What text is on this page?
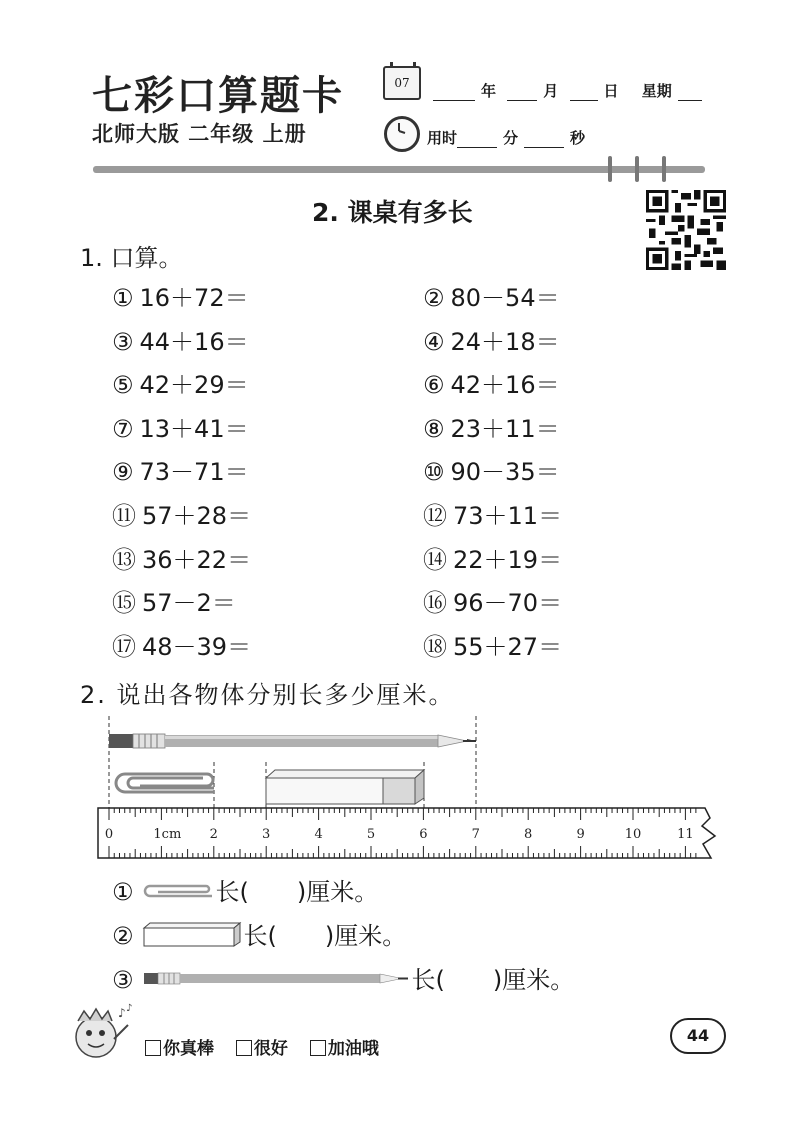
七彩口算题卡
北师大版 二年级 上册
07	年	月	日 星期
用时	分	秒
2. 课桌有多长
1. 口算。
① 16＋72＝	② 80－54＝
③ 44＋16＝	④ 24＋18＝
⑤ 42＋29＝	⑥ 42＋16＝
⑦ 13＋41＝	⑧ 23＋11＝
⑨ 73－71＝	⑩ 90－35＝
⑪ 57＋28＝	⑫ 73＋11＝
⑬ 36＋22＝	⑭ 22＋19＝
⑮ 57－2＝	⑯ 96－70＝
⑰ 48－39＝	⑱ 55＋27＝
2. 说出各物体分别长多少厘米。
0	1cm 2	3	4	5	6	7	8	9	10	11
①	长(　　)厘米。
②	长(　　)厘米。
③	长(　　)厘米。
♪ ♪
你真棒 很好 加油哦
44
